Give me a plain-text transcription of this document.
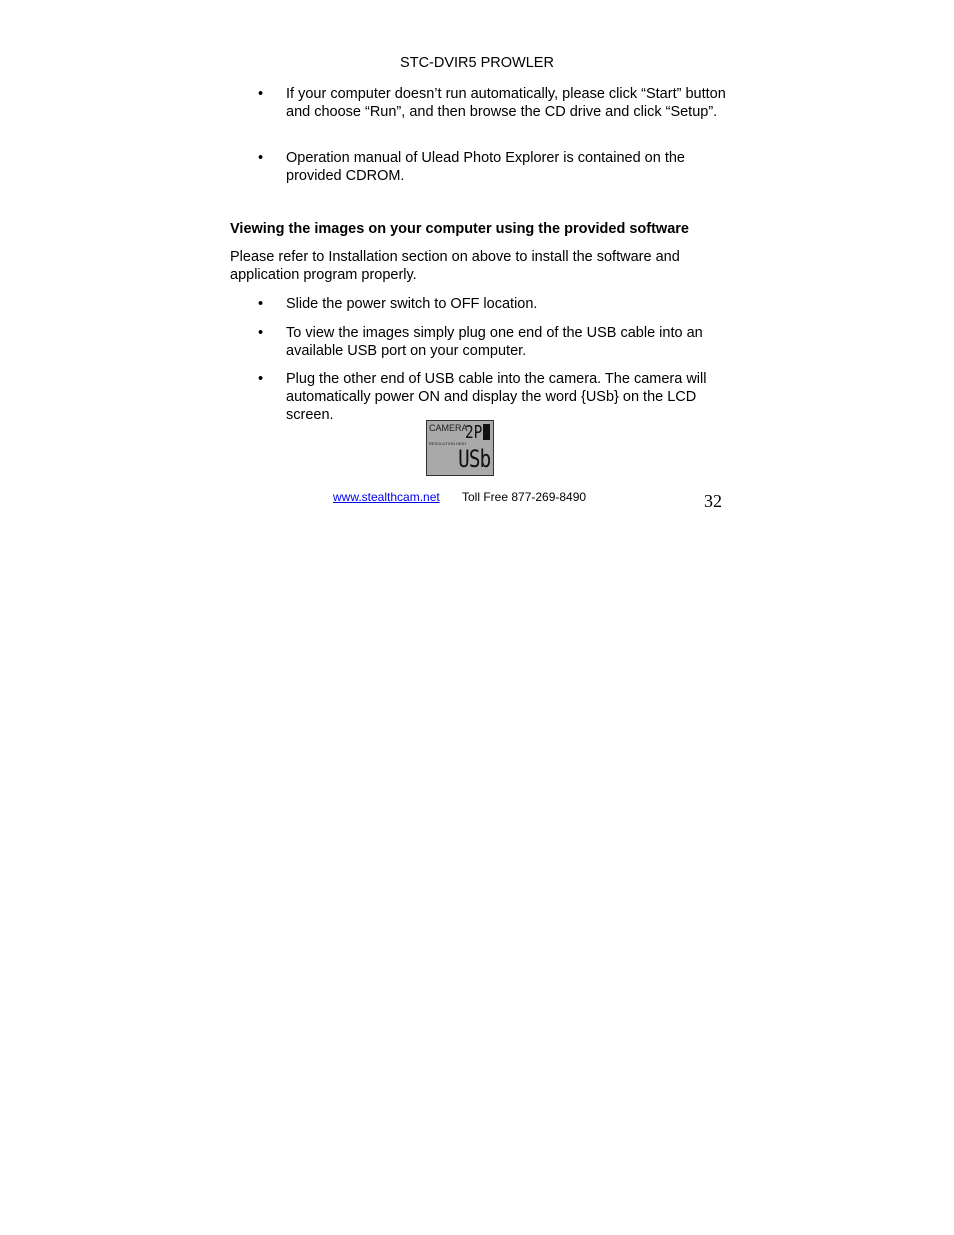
STC-DVIR5 PROWLER
•	If your computer doesn’t run automatically, please click “Start” button and choose “Run”, and then browse the CD drive and click “Setup”.
•	Operation manual of Ulead Photo Explorer is contained on the provided CDROM.
Viewing the images on your computer using the provided software
Please refer to Installation section on above to install the software and application program properly.
•	Slide the power switch to OFF location.
•	To view the images simply plug one end of the USB cable into an available USB port on your computer.
•	Plug the other end of USB cable into the camera. The camera will automatically power ON and display the word {USb} on the LCD screen.
CAMERA
2P
RESOLUTION HIGH
USb
www.stealthcam.net Toll Free 877-269-8490	32
